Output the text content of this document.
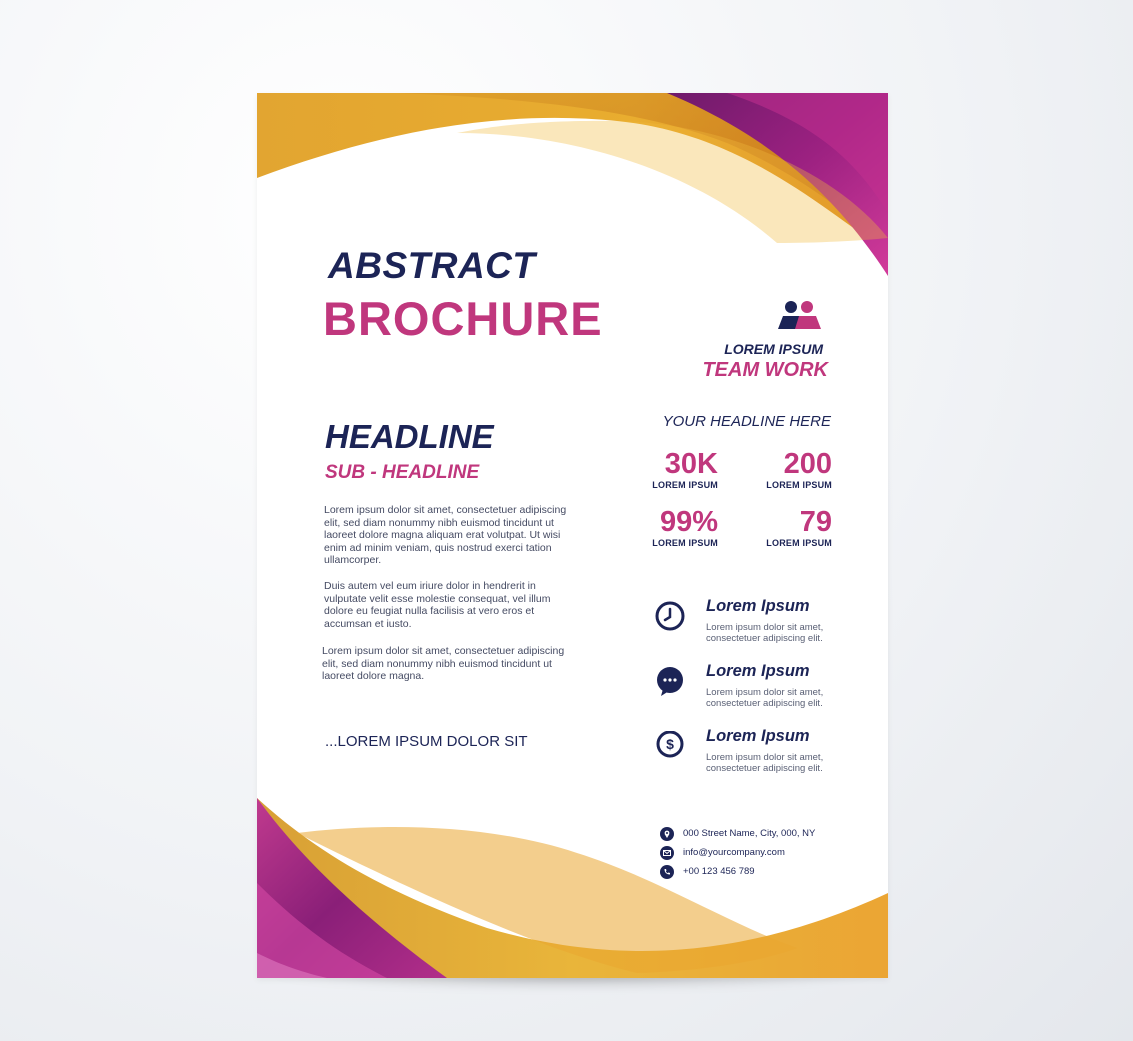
ABSTRACT
BROCHURE
LOREM IPSUM
TEAM WORK
YOUR HEADLINE HERE
HEADLINE
SUB - HEADLINE
Lorem ipsum dolor sit amet, consectetuer adipiscing elit, sed diam nonummy nibh euismod tincidunt ut laoreet dolore magna aliquam erat volutpat. Ut wisi enim ad minim veniam, quis nostrud exerci tation ullamcorper.
Duis autem vel eum iriure dolor in hendrerit in vulputate velit esse molestie consequat, vel illum dolore eu feugiat nulla facilisis at vero eros et accumsan et iusto.
Lorem ipsum dolor sit amet, consectetuer adipiscing elit, sed diam nonummy nibh euismod tincidunt ut laoreet dolore magna.
...LOREM IPSUM DOLOR SIT
30K
LOREM IPSUM
200
LOREM IPSUM
99%
LOREM IPSUM
79
LOREM IPSUM
Lorem Ipsum
Lorem ipsum dolor sit amet, consectetuer adipiscing elit.
Lorem Ipsum
Lorem ipsum dolor sit amet, consectetuer adipiscing elit.
$ Lorem Ipsum
Lorem ipsum dolor sit amet, consectetuer adipiscing elit.
000 Street Name, City, 000, NY
info@yourcompany.com
+00 123 456 789
